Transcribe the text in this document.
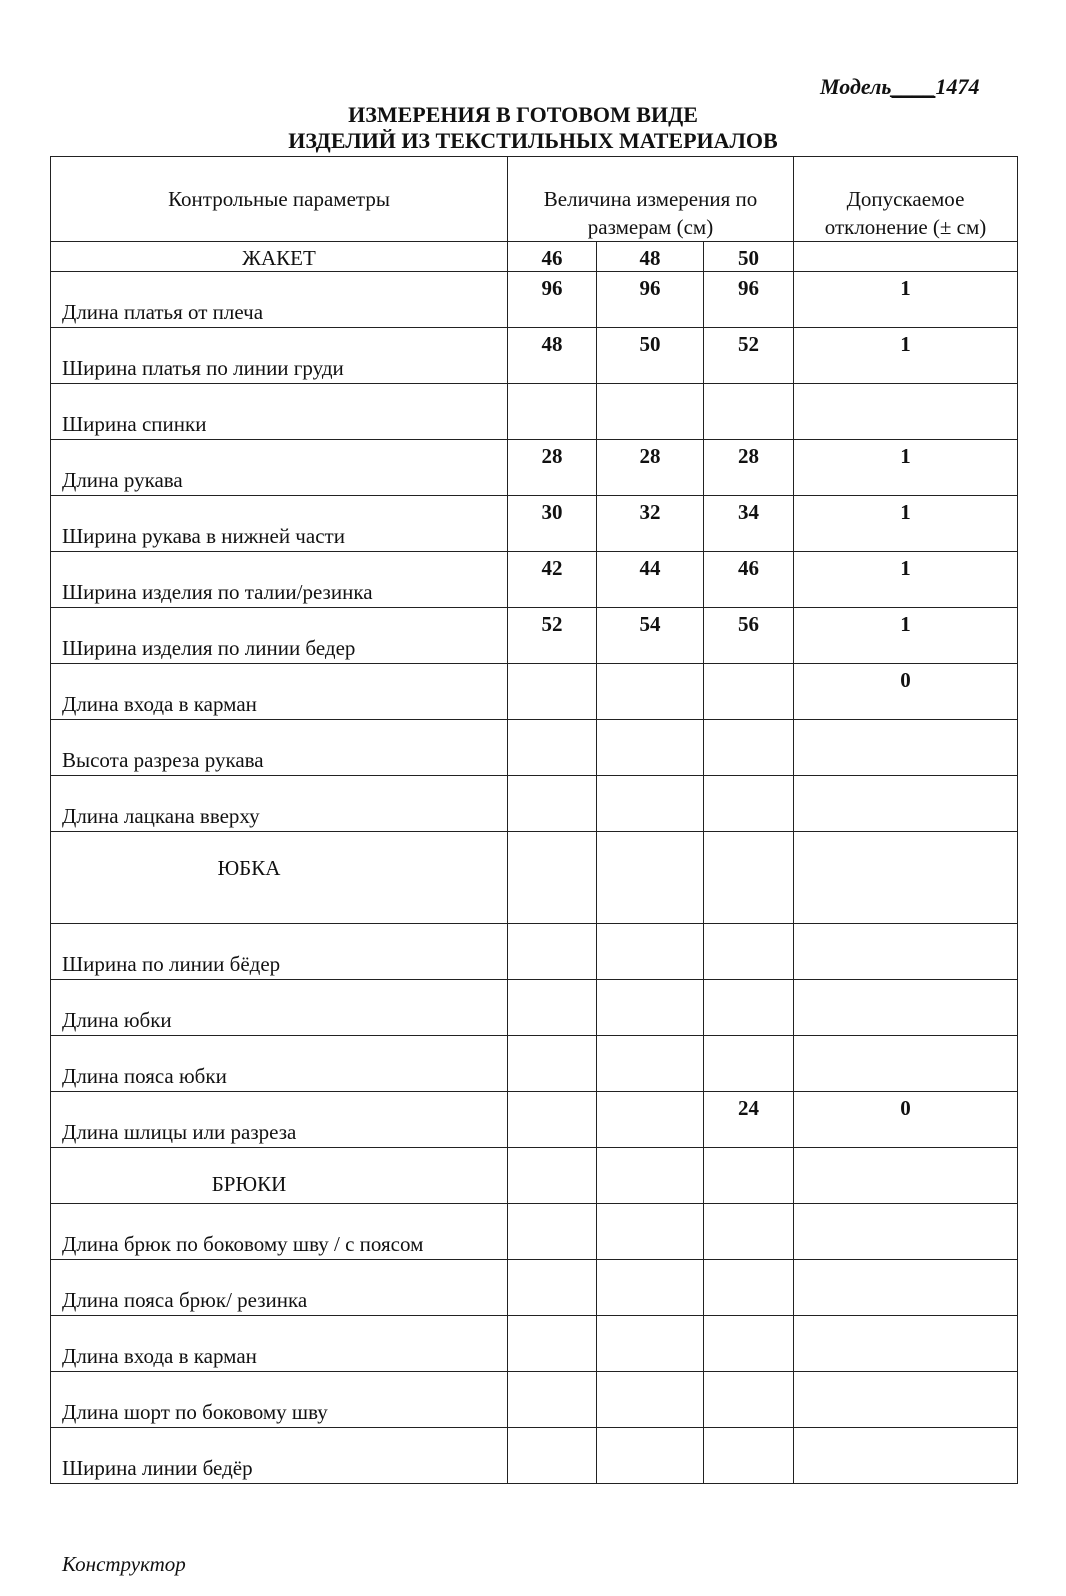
Модель____1474
ИЗМЕРЕНИЯ В ГОТОВОМ ВИДЕ
ИЗДЕЛИЙ ИЗ ТЕКСТИЛЬНЫХ МАТЕРИАЛОВ
Контрольные параметры	Величина измерения по размерам (см)			Допускаемое отклонение (± см)
ЖАКЕТ	46	48	50	
Длина платья от плеча	96	96	96	1
Ширина платья по линии груди	48	50	52	1
Ширина спинки				
Длина рукава	28	28	28	1
Ширина рукава в нижней части	30	32	34	1
Ширина изделия по талии/резинка	42	44	46	1
Ширина изделия по линии бедер	52	54	56	1
Длина входа в карман				0
Высота разреза рукава				
Длина лацкана вверху				
ЮБКА				
Ширина по линии бёдер				
Длина юбки				
Длина пояса юбки				
Длина шлицы или разреза			24	0
БРЮКИ				
Длина брюк по боковому шву / с поясом				
Длина пояса брюк/ резинка				
Длина входа в карман				
Длина шорт по боковому шву				
Ширина линии бедёр				
Конструктор
